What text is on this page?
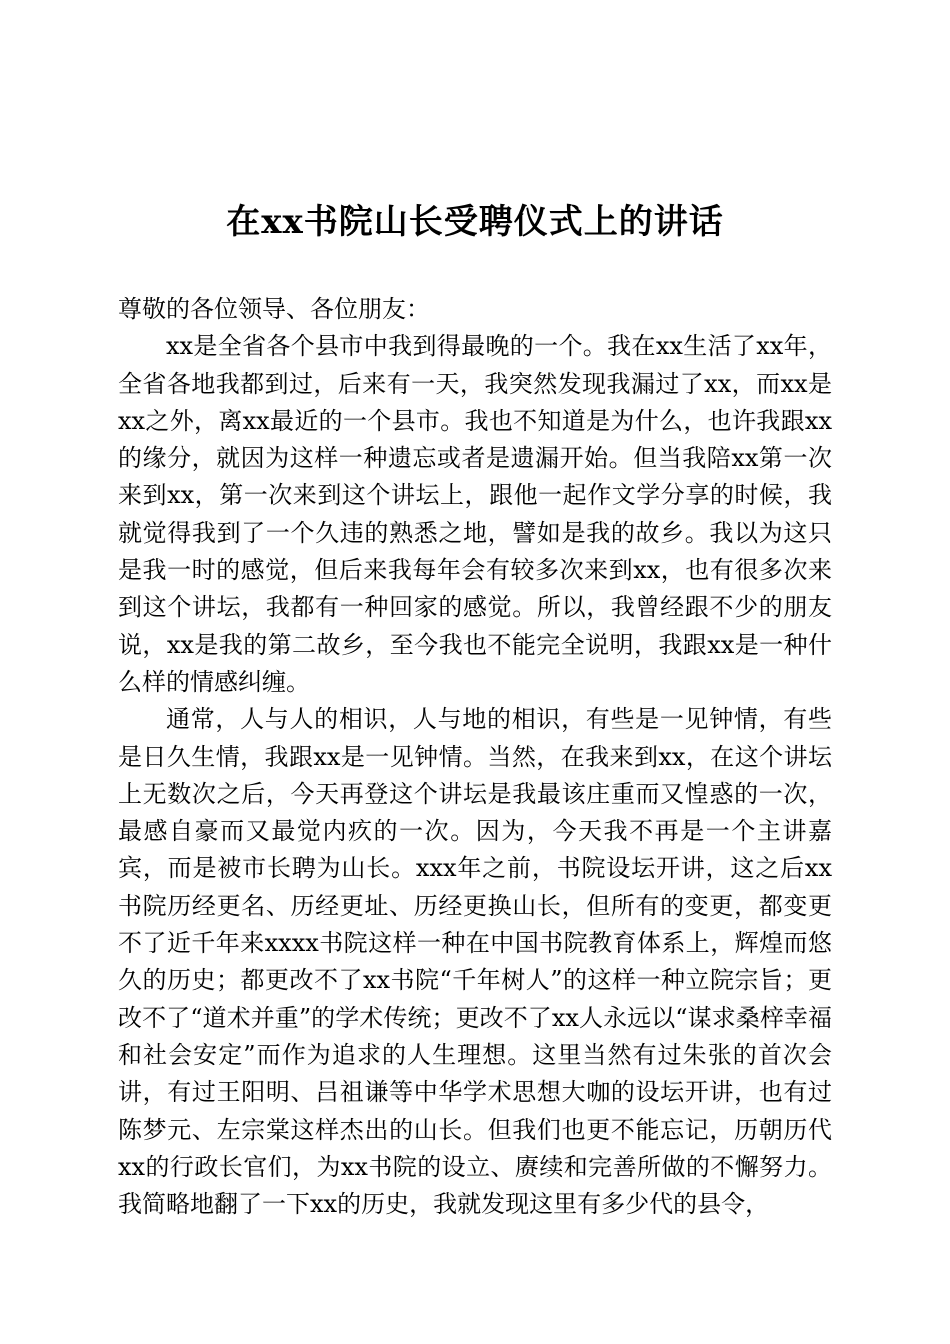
在xx书院山长受聘仪式上的讲话

尊敬的各位领导、各位朋友：

xx是全省各个县市中我到得最晚的一个。我在xx生活了xx年，全省各地我都到过，后来有一天，我突然发现我漏过了xx，而xx是xx之外，离xx最近的一个县市。我也不知道是为什么，也许我跟xx的缘分，就因为这样一种遗忘或者是遗漏开始。但当我陪xx第一次来到xx，第一次来到这个讲坛上，跟他一起作文学分享的时候，我就觉得我到了一个久违的熟悉之地，譬如是我的故乡。我以为这只是我一时的感觉，但后来我每年会有较多次来到xx，也有很多次来到这个讲坛，我都有一种回家的感觉。所以，我曾经跟不少的朋友说，xx是我的第二故乡，至今我也不能完全说明，我跟xx是一种什么样的情感纠缠。

通常，人与人的相识，人与地的相识，有些是一见钟情，有些是日久生情，我跟xx是一见钟情。当然，在我来到xx，在这个讲坛上无数次之后，今天再登这个讲坛是我最该庄重而又惶惑的一次，最感自豪而又最觉内疚的一次。因为，今天我不再是一个主讲嘉宾，而是被市长聘为山长。xxx年之前，书院设坛开讲，这之后xx书院历经更名、历经更址、历经更换山长，但所有的变更，都变更不了近千年来xxxx书院这样一种在中国书院教育体系上，辉煌而悠久的历史；都更改不了xx书院“千年树人”的这样一种立院宗旨；更改不了“道术并重”的学术传统；更改不了xx人永远以“谋求桑梓幸福和社会安定”而作为追求的人生理想。这里当然有过朱张的首次会讲，有过王阳明、吕祖谦等中华学术思想大咖的设坛开讲，也有过陈梦元、左宗棠这样杰出的山长。但我们也更不能忘记，历朝历代xx的行政长官们，为xx书院的设立、赓续和完善所做的不懈努力。我简略地翻了一下xx的历史，我就发现这里有多少代的县令，
